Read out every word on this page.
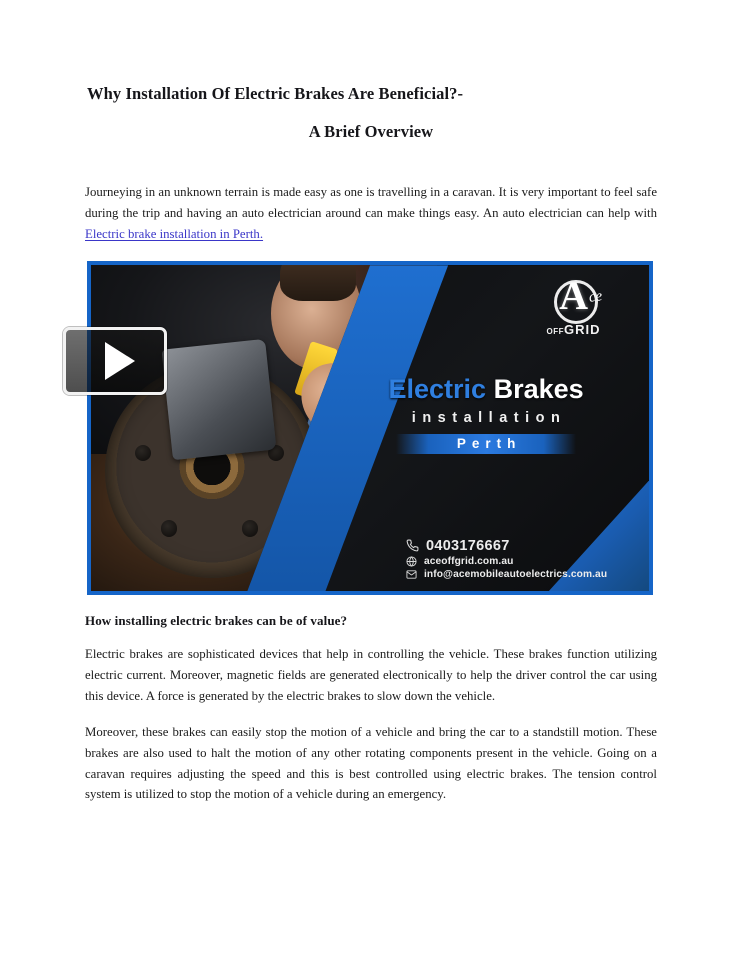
Why Installation Of Electric Brakes Are Beneficial?-
A Brief Overview

Journeying in an unknown terrain is made easy as one is travelling in a caravan. It is very important to feel safe during the trip and having an auto electrician around can make things easy. An auto electrician can help with Electric brake installation in Perth.

A ce
OFFGRID
Electric Brakes
installation
Perth
0403176667
aceoffgrid.com.au
info@acemobileautoelectrics.com.au
How installing electric brakes can be of value?

Electric brakes are sophisticated devices that help in controlling the vehicle. These brakes function utilizing electric current. Moreover, magnetic fields are generated electronically to help the driver control the car using this device. A force is generated by the electric brakes to slow down the vehicle.

Moreover, these brakes can easily stop the motion of a vehicle and bring the car to a standstill motion. These brakes are also used to halt the motion of any other rotating components present in the vehicle. Going on a caravan requires adjusting the speed and this is best controlled using electric brakes. The tension control system is utilized to stop the motion of a vehicle during an emergency.
